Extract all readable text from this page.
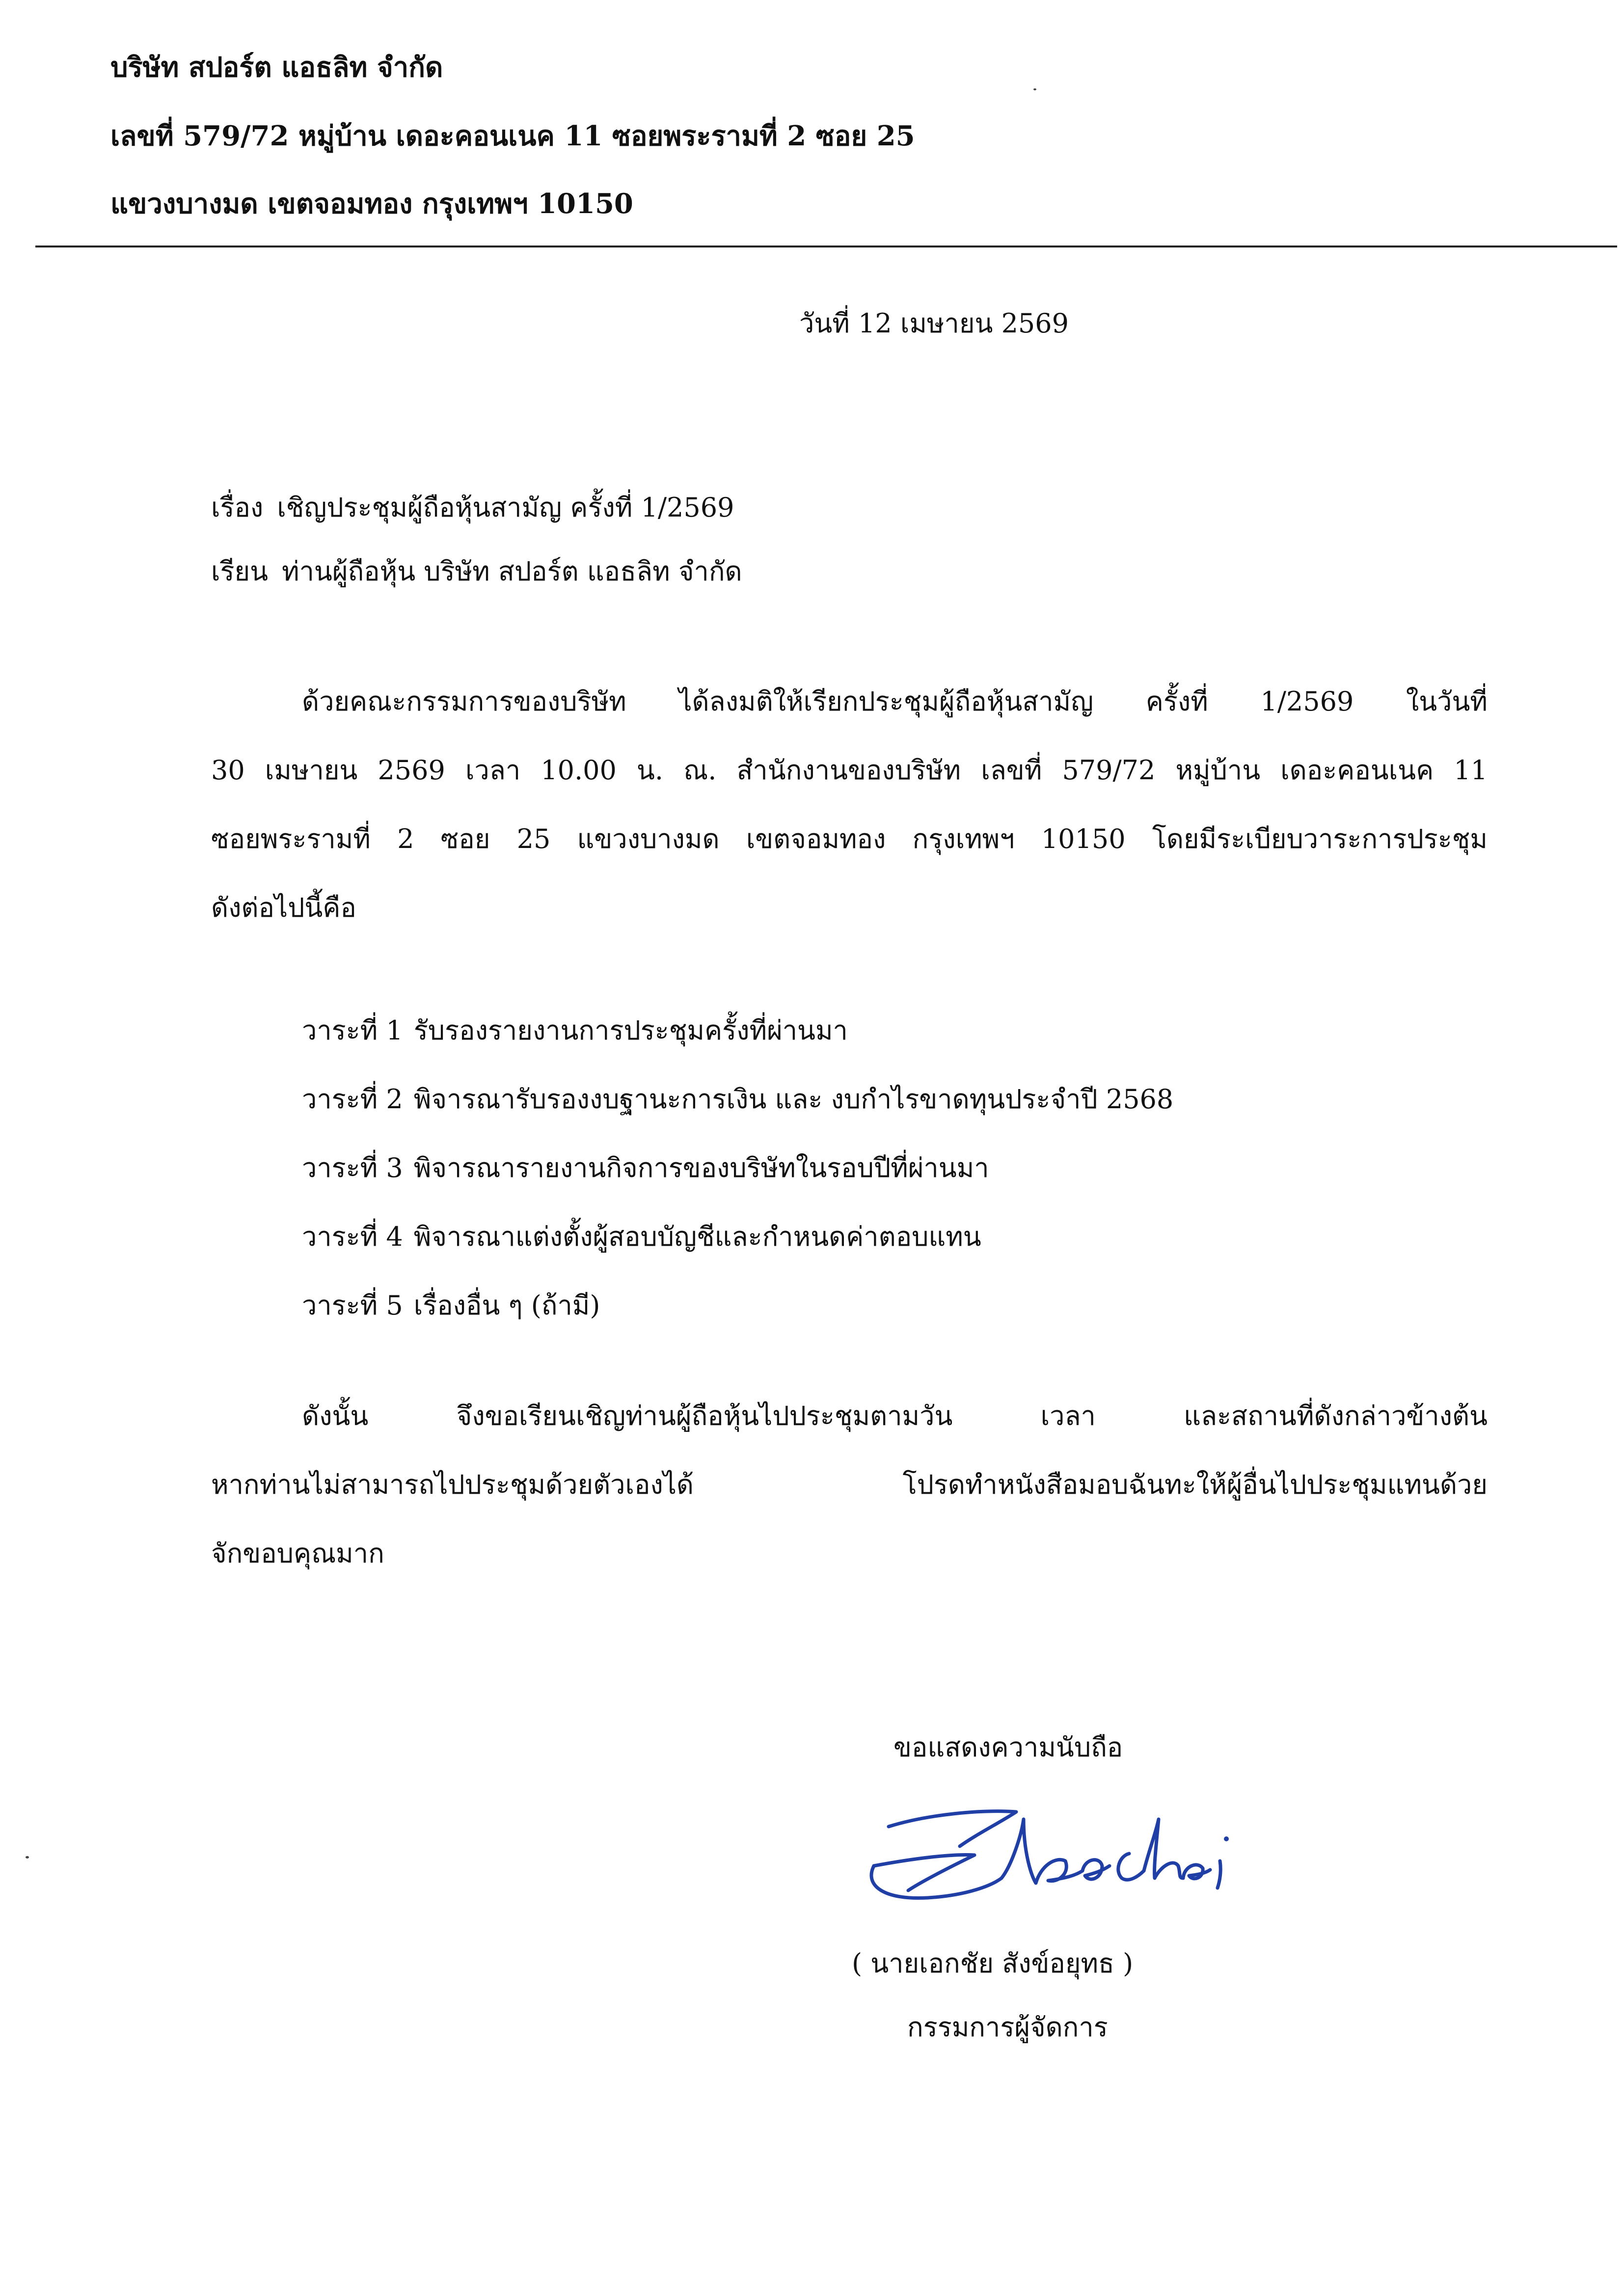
บริษัท สปอร์ต แอธลิท จำกัด
เลขที่ 579/72 หมู่บ้าน เดอะคอนเนค 11 ซอยพระรามที่ 2 ซอย 25
แขวงบางมด เขตจอมทอง กรุงเทพฯ 10150
วันที่ 12 เมษายน 2569
เรื่อง เชิญประชุมผู้ถือหุ้นสามัญ ครั้งที่ 1/2569
เรียน ท่านผู้ถือหุ้น บริษัท สปอร์ต แอธลิท จำกัด
ด้วยคณะกรรมการของบริษัท ได้ลงมติให้เรียกประชุมผู้ถือหุ้นสามัญ ครั้งที่ 1/2569 ในวันที่
30 เมษายน 2569 เวลา 10.00 น. ณ. สำนักงานของบริษัท เลขที่ 579/72 หมู่บ้าน เดอะคอนเนค 11
ซอยพระรามที่ 2 ซอย 25 แขวงบางมด เขตจอมทอง กรุงเทพฯ 10150 โดยมีระเบียบวาระการประชุม
ดังต่อไปนี้คือ
วาระที่ 1 รับรองรายงานการประชุมครั้งที่ผ่านมา
วาระที่ 2 พิจารณารับรองงบฐานะการเงิน และ งบกำไรขาดทุนประจำปี 2568
วาระที่ 3 พิจารณารายงานกิจการของบริษัทในรอบปีที่ผ่านมา
วาระที่ 4 พิจารณาแต่งตั้งผู้สอบบัญชีและกำหนดค่าตอบแทน
วาระที่ 5 เรื่องอื่น ๆ (ถ้ามี)
ดังนั้น จึงขอเรียนเชิญท่านผู้ถือหุ้นไปประชุมตามวัน เวลา และสถานที่ดังกล่าวข้างต้น
หากท่านไม่สามารถไปประชุมด้วยตัวเองได้ โปรดทำหนังสือมอบฉันทะให้ผู้อื่นไปประชุมแทนด้วย
จักขอบคุณมาก
ขอแสดงความนับถือ
( นายเอกชัย สังข์อยุทธ )
กรรมการผู้จัดการ
